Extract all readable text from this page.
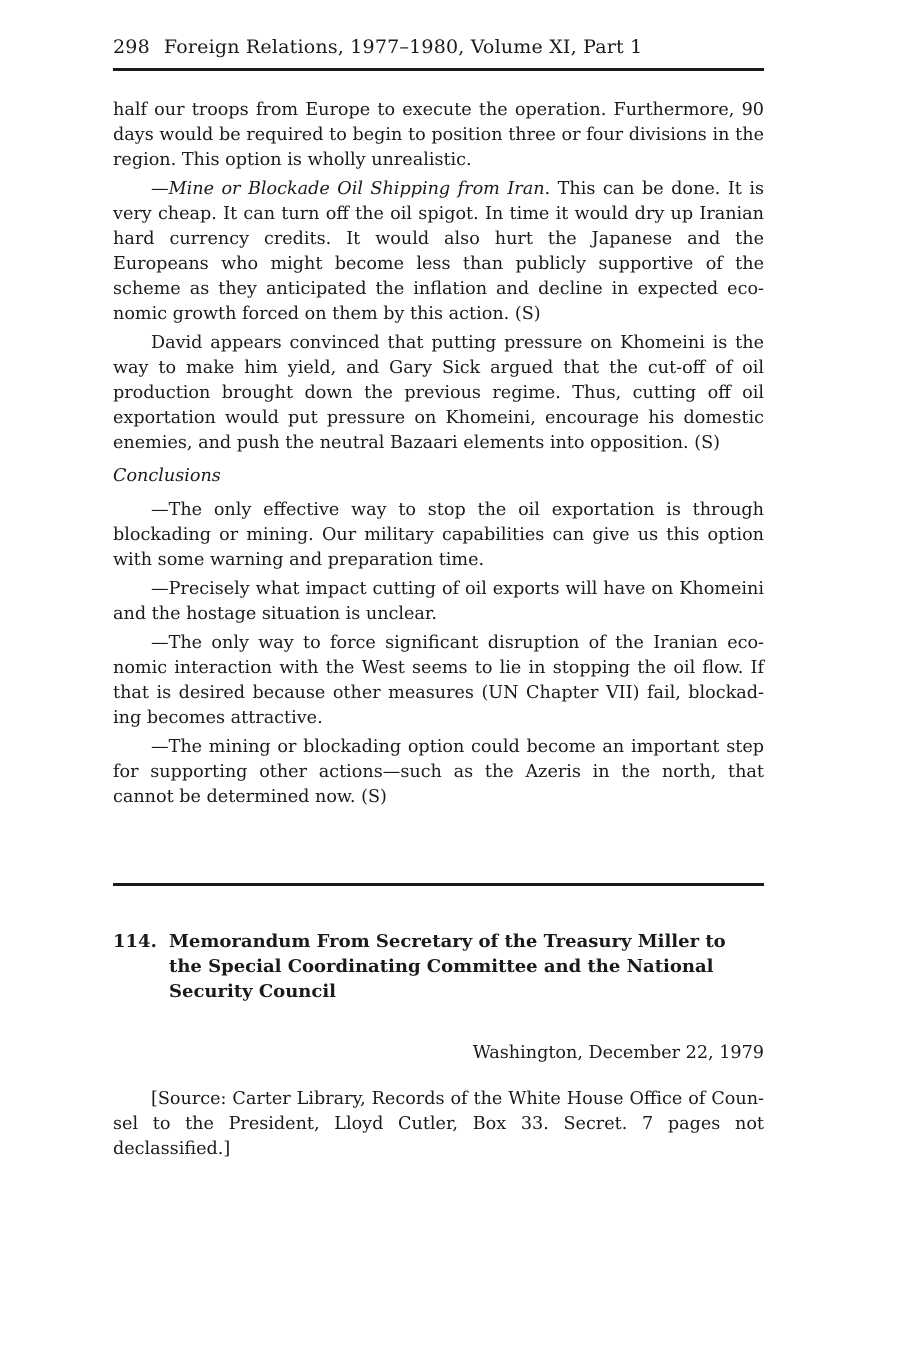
298 Foreign Relations, 1977–1980, Volume XI, Part 1

half our troops from Europe to execute the operation. Furthermore, 90 days would be required to begin to position three or four divisions in the region. This option is wholly unrealistic.

—Mine or Blockade Oil Shipping from Iran. This can be done. It is very cheap. It can turn off the oil spigot. In time it would dry up Iranian hard currency credits. It would also hurt the Japanese and the Europeans who might become less than publicly supportive of the scheme as they anticipated the inflation and decline in expected economic growth forced on them by this action. (S)

David appears convinced that putting pressure on Khomeini is the way to make him yield, and Gary Sick argued that the cut-off of oil production brought down the previous regime. Thus, cutting off oil exportation would put pressure on Khomeini, encourage his domestic enemies, and push the neutral Bazaari elements into opposition. (S)

Conclusions

—The only effective way to stop the oil exportation is through blockading or mining. Our military capabilities can give us this option with some warning and preparation time.

—Precisely what impact cutting of oil exports will have on Khomeini and the hostage situation is unclear.

—The only way to force significant disruption of the Iranian economic interaction with the West seems to lie in stopping the oil flow. If that is desired because other measures (UN Chapter VII) fail, blockading becomes attractive.

—The mining or blockading option could become an important step for supporting other actions—such as the Azeris in the north, that cannot be determined now. (S)

114. Memorandum From Secretary of the Treasury Miller to the Special Coordinating Committee and the National Security Council
Washington, December 22, 1979

[Source: Carter Library, Records of the White House Office of Counsel to the President, Lloyd Cutler, Box 33. Secret. 7 pages not declassified.]
